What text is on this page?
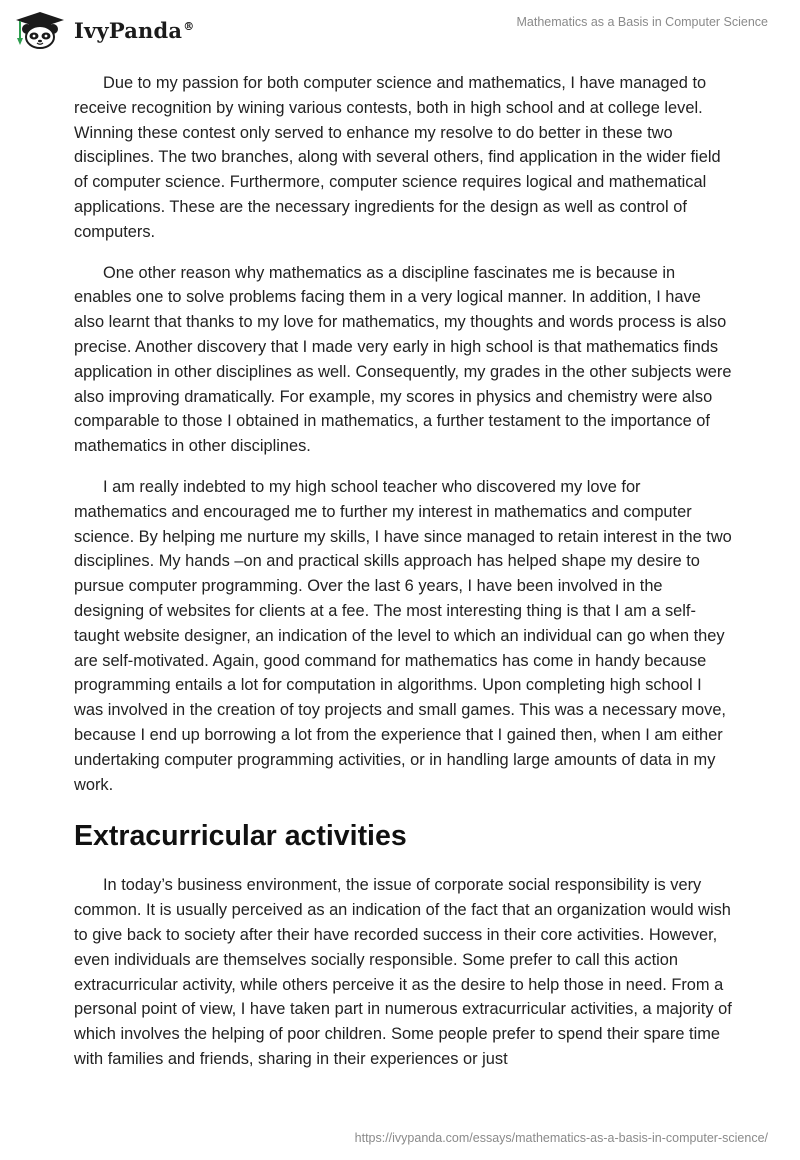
IvyPanda®	Mathematics as a Basis in Computer Science

Due to my passion for both computer science and mathematics, I have managed to receive recognition by wining various contests, both in high school and at college level. Winning these contest only served to enhance my resolve to do better in these two disciplines. The two branches, along with several others, find application in the wider field of computer science. Furthermore, computer science requires logical and mathematical applications. These are the necessary ingredients for the design as well as control of computers.

One other reason why mathematics as a discipline fascinates me is because in enables one to solve problems facing them in a very logical manner. In addition, I have also learnt that thanks to my love for mathematics, my thoughts and words process is also precise. Another discovery that I made very early in high school is that mathematics finds application in other disciplines as well. Consequently, my grades in the other subjects were also improving dramatically. For example, my scores in physics and chemistry were also comparable to those I obtained in mathematics, a further testament to the importance of mathematics in other disciplines.

I am really indebted to my high school teacher who discovered my love for mathematics and encouraged me to further my interest in mathematics and computer science. By helping me nurture my skills, I have since managed to retain interest in the two disciplines. My hands –on and practical skills approach has helped shape my desire to pursue computer programming. Over the last 6 years, I have been involved in the designing of websites for clients at a fee. The most interesting thing is that I am a self-taught website designer, an indication of the level to which an individual can go when they are self-motivated. Again, good command for mathematics has come in handy because programming entails a lot for computation in algorithms. Upon completing high school I was involved in the creation of toy projects and small games. This was a necessary move, because I end up borrowing a lot from the experience that I gained then, when I am either undertaking computer programming activities, or in handling large amounts of data in my work.

Extracurricular activities

In today’s business environment, the issue of corporate social responsibility is very common. It is usually perceived as an indication of the fact that an organization would wish to give back to society after their have recorded success in their core activities. However, even individuals are themselves socially responsible. Some prefer to call this action extracurricular activity, while others perceive it as the desire to help those in need. From a personal point of view, I have taken part in numerous extracurricular activities, a majority of which involves the helping of poor children. Some people prefer to spend their spare time with families and friends, sharing in their experiences or just

https://ivypanda.com/essays/mathematics-as-a-basis-in-computer-science/
